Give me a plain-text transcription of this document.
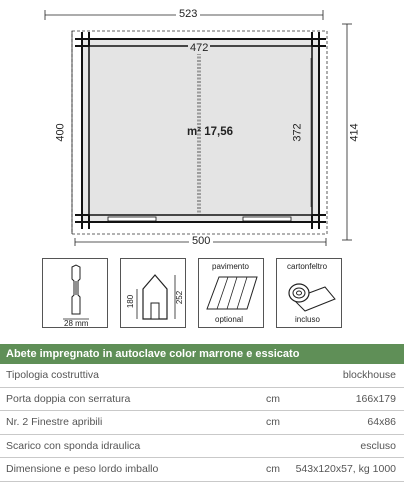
523
472
500
400	414
372
m² 17,56
28 mm
180	252
pavimento
optional
cartonfeltro
incluso
Abete impregnato in autoclave color marrone e essicato
Tipologia costruttiva	blockhouse
Porta doppia con serratura	cm	166x179
Nr. 2 Finestre apribili	cm	64x86
Scarico con sponda idraulica	escluso
Dimensione e peso lordo imballo	cm 543x120x57, kg 1000
